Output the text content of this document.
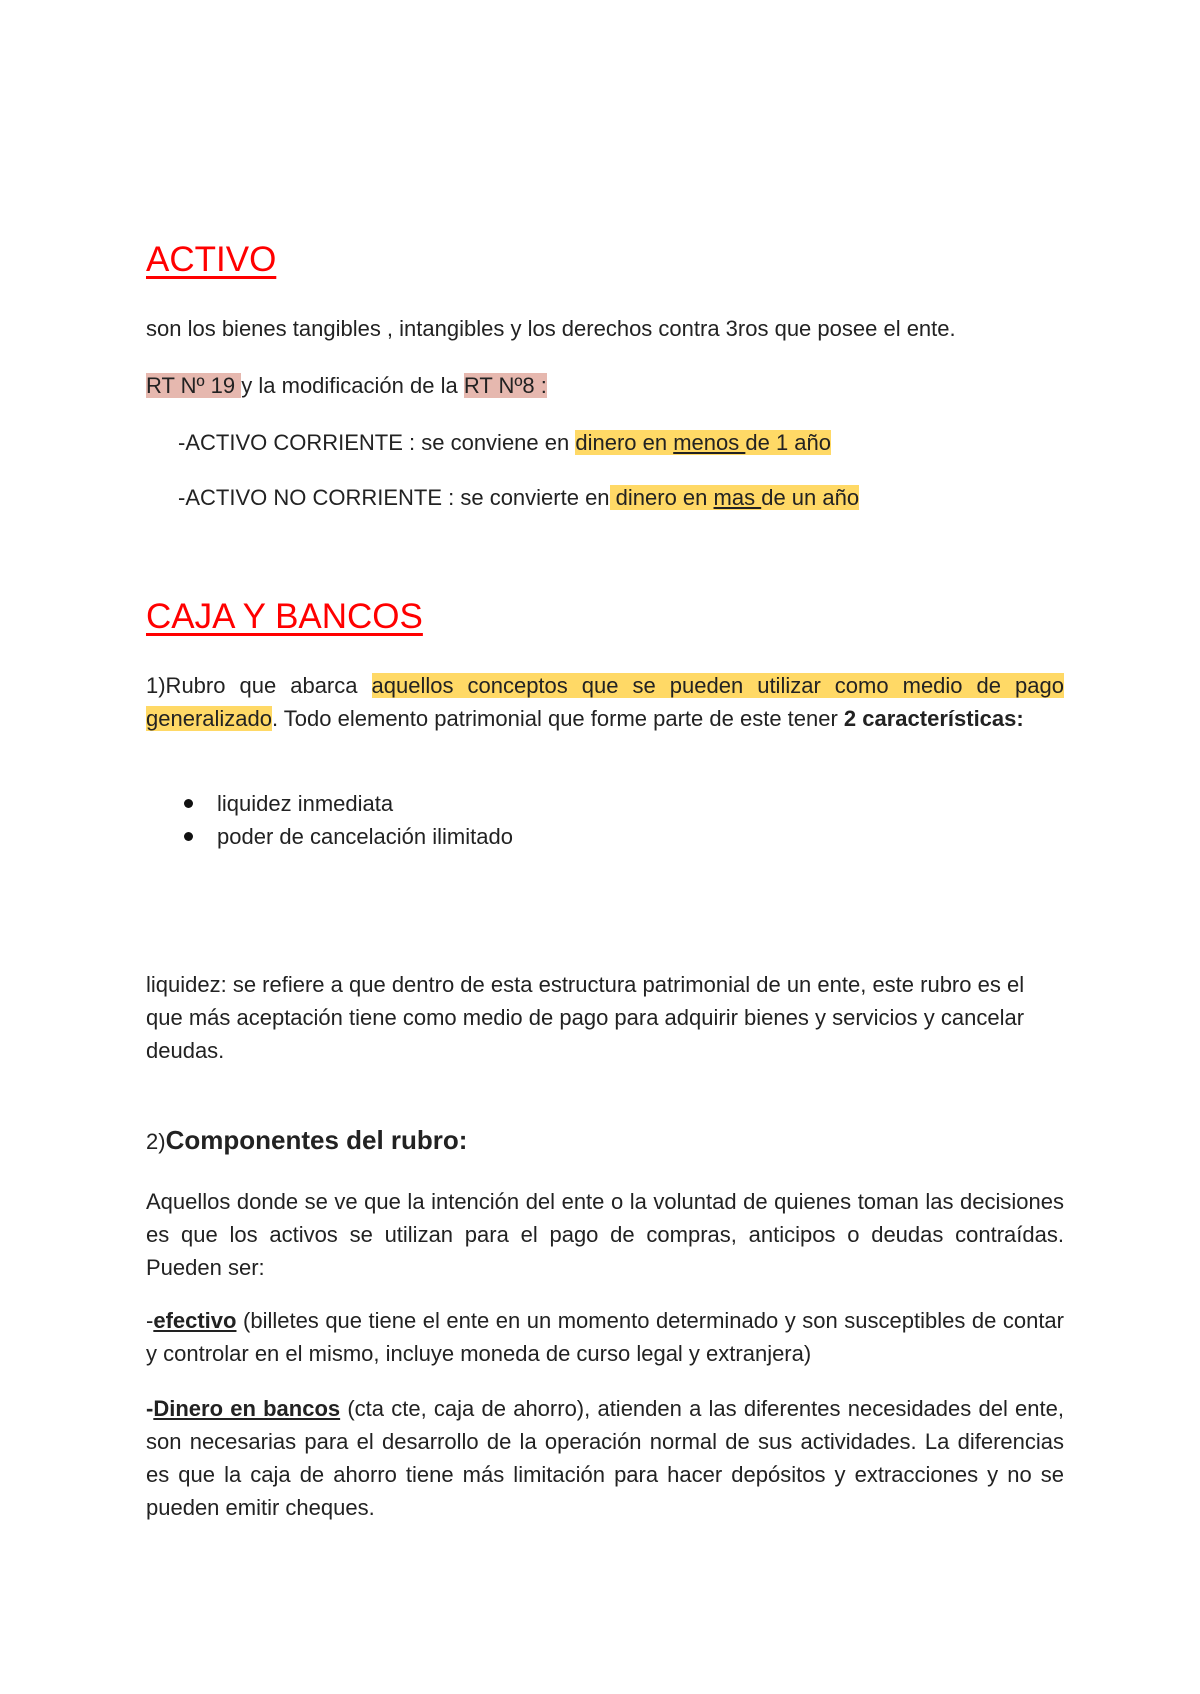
ACTIVO

son los bienes tangibles , intangibles y los derechos contra 3ros que posee el ente.

RT Nº 19 y la modificación de la RT Nº8 :

-ACTIVO CORRIENTE : se conviene en dinero en menos de 1 año

-ACTIVO NO CORRIENTE : se convierte en dinero en mas de un año

CAJA Y BANCOS

1)Rubro que abarca aquellos conceptos que se pueden utilizar como medio de pago generalizado. Todo elemento patrimonial que forme parte de este tener 2 características:

liquidez inmediata
poder de cancelación ilimitado

liquidez: se refiere a que dentro de esta estructura patrimonial de un ente, este rubro es el que más aceptación tiene como medio de pago para adquirir bienes y servicios y cancelar deudas.

2)Componentes del rubro:

Aquellos donde se ve que la intención del ente o la voluntad de quienes toman las decisiones es que los activos se utilizan para el pago de compras, anticipos o deudas contraídas. Pueden ser:

-efectivo (billetes que tiene el ente en un momento determinado y son susceptibles de contar y controlar en el mismo, incluye moneda de curso legal y extranjera)

-Dinero en bancos (cta cte, caja de ahorro), atienden a las diferentes necesidades del ente, son necesarias para el desarrollo de la operación normal de sus actividades. La diferencias es que la caja de ahorro tiene más limitación para hacer depósitos y extracciones y no se pueden emitir cheques.
